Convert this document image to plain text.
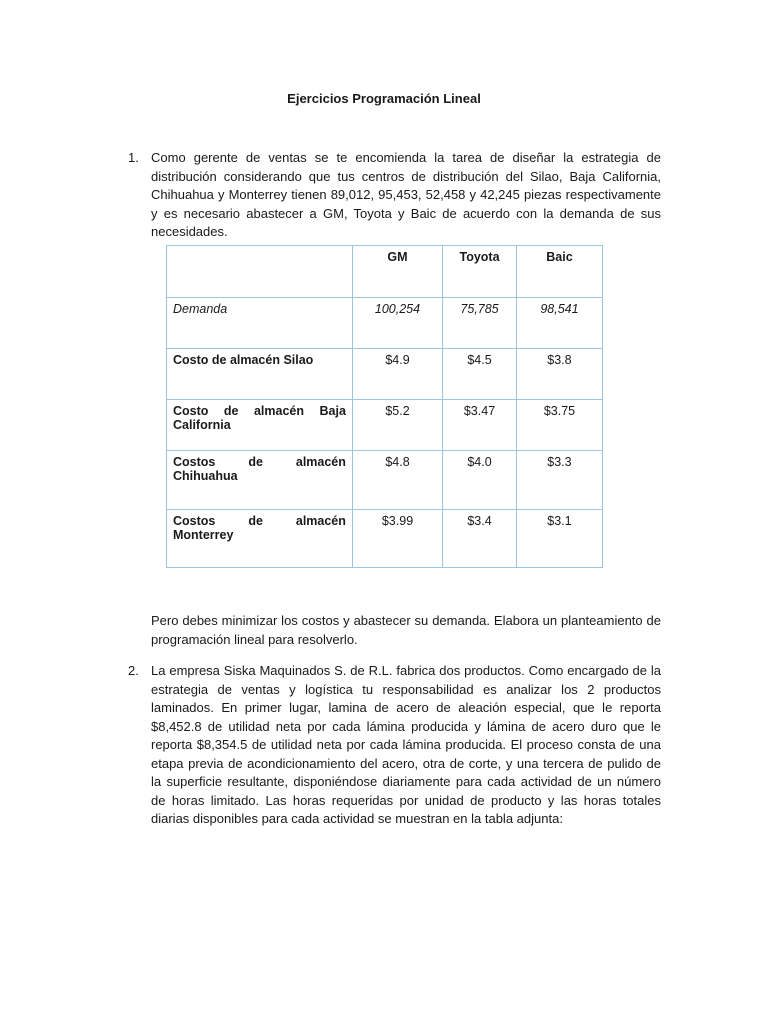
Ejercicios Programación Lineal
1. Como gerente de ventas se te encomienda la tarea de diseñar la estrategia de distribución considerando que tus centros de distribución del Silao, Baja California, Chihuahua y Monterrey tienen 89,012, 95,453, 52,458 y 42,245 piezas respectivamente y es necesario abastecer a GM, Toyota y Baic de acuerdo con la demanda de sus necesidades.
	GM	Toyota	Baic
Demanda	100,254	75,785	98,541
Costo de almacén Silao	$4.9	$4.5	$3.8
Costo de almacén Baja California	$5.2	$3.47	$3.75
Costos de almacén Chihuahua	$4.8	$4.0	$3.3
Costos de almacén Monterrey	$3.99	$3.4	$3.1
Pero debes minimizar los costos y abastecer su demanda. Elabora un planteamiento de programación lineal para resolverlo.
2. La empresa Siska Maquinados S. de R.L. fabrica dos productos. Como encargado de la estrategia de ventas y logística tu responsabilidad es analizar los 2 productos laminados. En primer lugar, lamina de acero de aleación especial, que le reporta $8,452.8 de utilidad neta por cada lámina producida y lámina de acero duro que le reporta $8,354.5 de utilidad neta por cada lámina producida. El proceso consta de una etapa previa de acondicionamiento del acero, otra de corte, y una tercera de pulido de la superficie resultante, disponiéndose diariamente para cada actividad de un número de horas limitado. Las horas requeridas por unidad de producto y las horas totales diarias disponibles para cada actividad se muestran en la tabla adjunta:
